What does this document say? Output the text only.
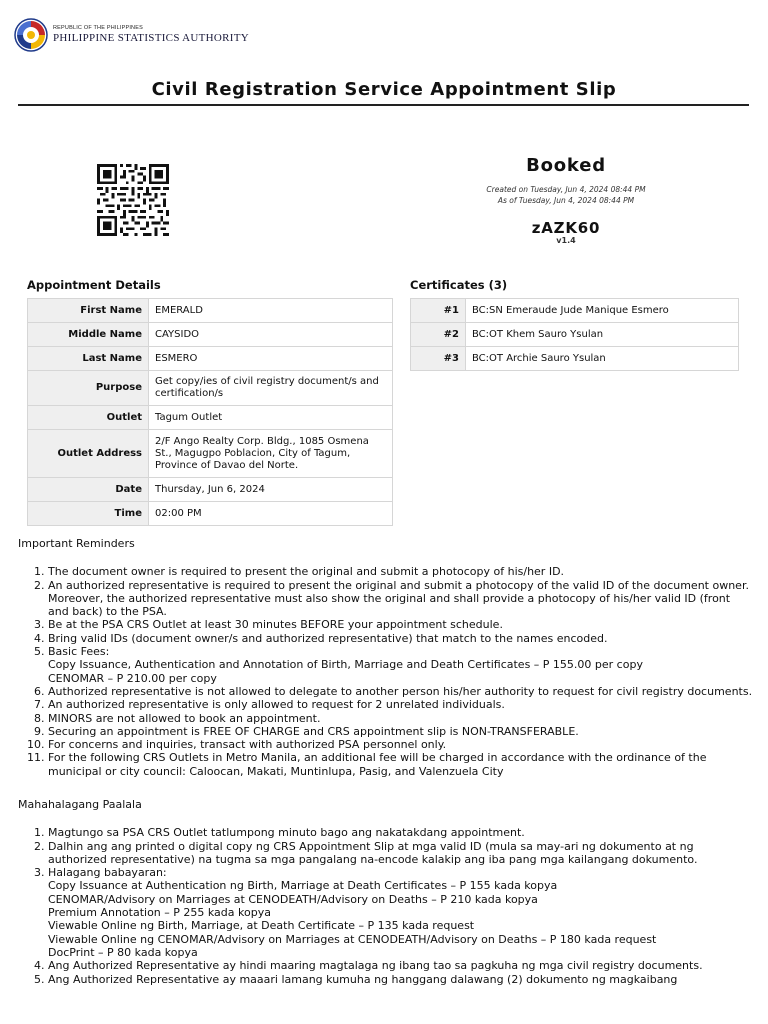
REPUBLIC OF THE PHILIPPINES
PHILIPPINE STATISTICS AUTHORITY
Civil Registration Service Appointment Slip
Booked
Created on Tuesday, Jun 4, 2024 08:44 PM
As of Tuesday, Jun 4, 2024 08:44 PM
zAZK60
v1.4
Appointment Details
First Name	EMERALD
Middle Name	CAYSIDO
Last Name	ESMERO
Purpose	Get copy/ies of civil registry document/s and certification/s
Outlet	Tagum Outlet
Outlet Address	2/F Ango Realty Corp. Bldg., 1085 Osmena St., Magugpo Poblacion, City of Tagum, Province of Davao del Norte.
Date	Thursday, Jun 6, 2024
Time	02:00 PM
Certificates (3)
#1	BC:SN Emeraude Jude Manique Esmero
#2	BC:OT Khem Sauro Ysulan
#3	BC:OT Archie Sauro Ysulan
Important Reminders
1. The document owner is required to present the original and submit a photocopy of his/her ID.
2. An authorized representative is required to present the original and submit a photocopy of the valid ID of the document owner. Moreover, the authorized representative must also show the original and shall provide a photocopy of his/her valid ID (front and back) to the PSA.
3. Be at the PSA CRS Outlet at least 30 minutes BEFORE your appointment schedule.
4. Bring valid IDs (document owner/s and authorized representative) that match to the names encoded.
5. Basic Fees:
Copy Issuance, Authentication and Annotation of Birth, Marriage and Death Certificates – P 155.00 per copy
CENOMAR – P 210.00 per copy
6. Authorized representative is not allowed to delegate to another person his/her authority to request for civil registry documents.
7. An authorized representative is only allowed to request for 2 unrelated individuals.
8. MINORS are not allowed to book an appointment.
9. Securing an appointment is FREE OF CHARGE and CRS appointment slip is NON-TRANSFERABLE.
10. For concerns and inquiries, transact with authorized PSA personnel only.
11. For the following CRS Outlets in Metro Manila, an additional fee will be charged in accordance with the ordinance of the municipal or city council: Caloocan, Makati, Muntinlupa, Pasig, and Valenzuela City
Mahahalagang Paalala
1. Magtungo sa PSA CRS Outlet tatlumpong minuto bago ang nakatakdang appointment.
2. Dalhin ang ang printed o digital copy ng CRS Appointment Slip at mga valid ID (mula sa may-ari ng dokumento at ng authorized representative) na tugma sa mga pangalang na-encode kalakip ang iba pang mga kailangang dokumento.
3. Halagang babayaran:
Copy Issuance at Authentication ng Birth, Marriage at Death Certificates – P 155 kada kopya
CENOMAR/Advisory on Marriages at CENODEATH/Advisory on Deaths – P 210 kada kopya
Premium Annotation – P 255 kada kopya
Viewable Online ng Birth, Marriage, at Death Certificate – P 135 kada request
Viewable Online ng CENOMAR/Advisory on Marriages at CENODEATH/Advisory on Deaths – P 180 kada request
DocPrint – P 80 kada kopya
4. Ang Authorized Representative ay hindi maaring magtalaga ng ibang tao sa pagkuha ng mga civil registry documents.
5. Ang Authorized Representative ay maaari lamang kumuha ng hanggang dalawang (2) dokumento ng magkaibang
